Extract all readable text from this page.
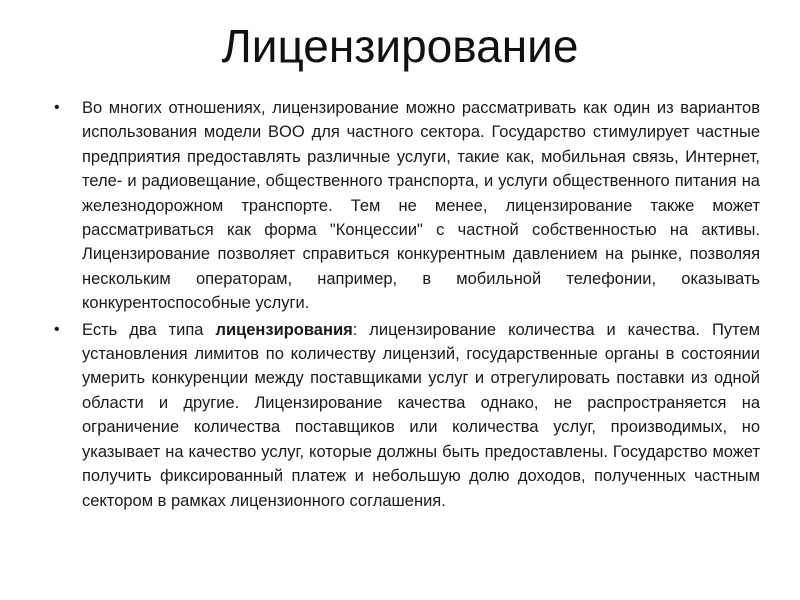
Лицензирование
• Во многих отношениях, лицензирование можно рассматривать как один из вариантов использования модели BOO для частного сектора. Государство стимулирует частные предприятия предоставлять различные услуги, такие как, мобильная связь, Интернет, теле- и радиовещание, общественного транспорта, и услуги общественного питания на железнодорожном транспорте. Тем не менее, лицензирование также может рассматриваться как форма "Концессии" с частной собственностью на активы. Лицензирование позволяет справиться конкурентным давлением на рынке, позволяя нескольким операторам, например, в мобильной телефонии, оказывать конкурентоспособные услуги.
• Есть два типа лицензирования: лицензирование количества и качества. Путем установления лимитов по количеству лицензий, государственные органы в состоянии умерить конкуренции между поставщиками услуг и отрегулировать поставки из одной области и другие. Лицензирование качества однако, не распространяется на ограничение количества поставщиков или количества услуг, производимых, но указывает на качество услуг, которые должны быть предоставлены. Государство может получить фиксированный платеж и небольшую долю доходов, полученных частным сектором в рамках лицензионного соглашения.
